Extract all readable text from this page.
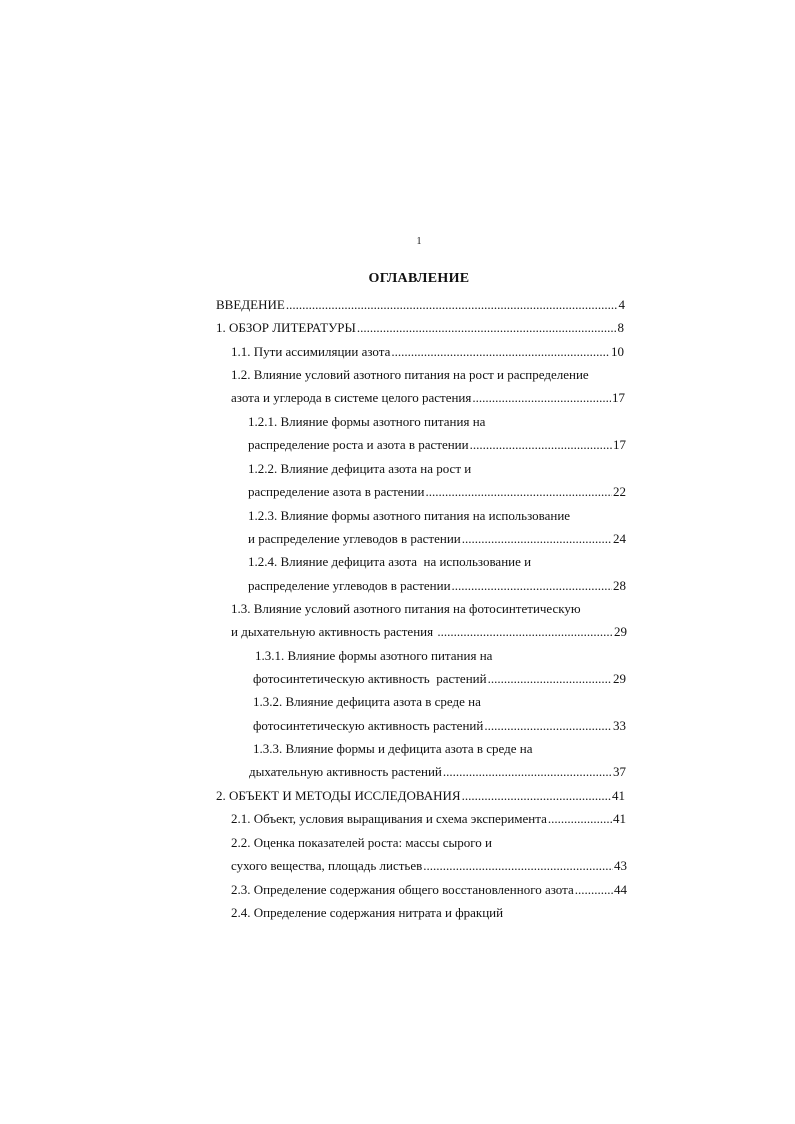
1
ОГЛАВЛЕНИЕ
ВВЕДЕНИЕ .....	4
1. ОБЗОР ЛИТЕРАТУРЫ .....	8
1.1. Пути ассимиляции азота .....	10
1.2. Влияние условий азотного питания на рост и распределение
азота и углерода в системе целого растения .....	17
1.2.1. Влияние формы азотного питания на
распределение роста и азота в растении .....	17
1.2.2. Влияние дефицита азота на рост и
распределение азота в растении .....	22
1.2.3. Влияние формы азотного питания на использование
и распределение углеводов в растении .....	24
1.2.4. Влияние дефицита азота  на использование и
распределение углеводов в растении .....	28
1.3. Влияние условий азотного питания на фотосинтетическую
и дыхательную активность растения .....	29
1.3.1. Влияние формы азотного питания на
фотосинтетическую активность  растений .....	29
1.3.2. Влияние дефицита азота в среде на
фотосинтетическую активность растений .....	33
1.3.3. Влияние формы и дефицита азота в среде на
дыхательную активность растений .....	37
2. ОБЪЕКТ И МЕТОДЫ ИССЛЕДОВАНИЯ .....	41
2.1. Объект, условия выращивания и схема эксперимента .....	41
2.2. Оценка показателей роста: массы сырого и
сухого вещества, площадь листьев .....	43
2.3. Определение содержания общего восстановленного азота .....	44
2.4. Определение содержания нитрата и фракций
